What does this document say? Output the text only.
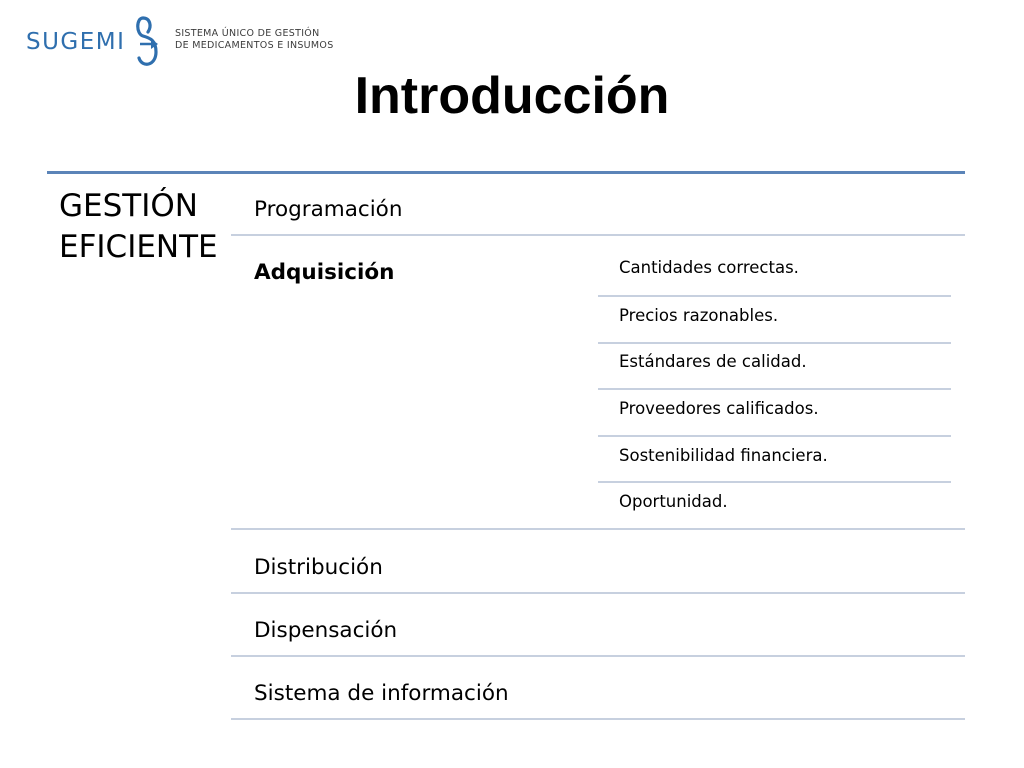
SUGEMI	SISTEMA ÚNICO DE GESTIÓN
DE MEDICAMENTOS E INSUMOS
Introducción
GESTIÓN
EFICIENTE
Programación
Adquisición	Cantidades correctas.
Precios razonables.
Estándares de calidad.
Proveedores calificados.
Sostenibilidad financiera.
Oportunidad.
Distribución
Dispensación
Sistema de información
